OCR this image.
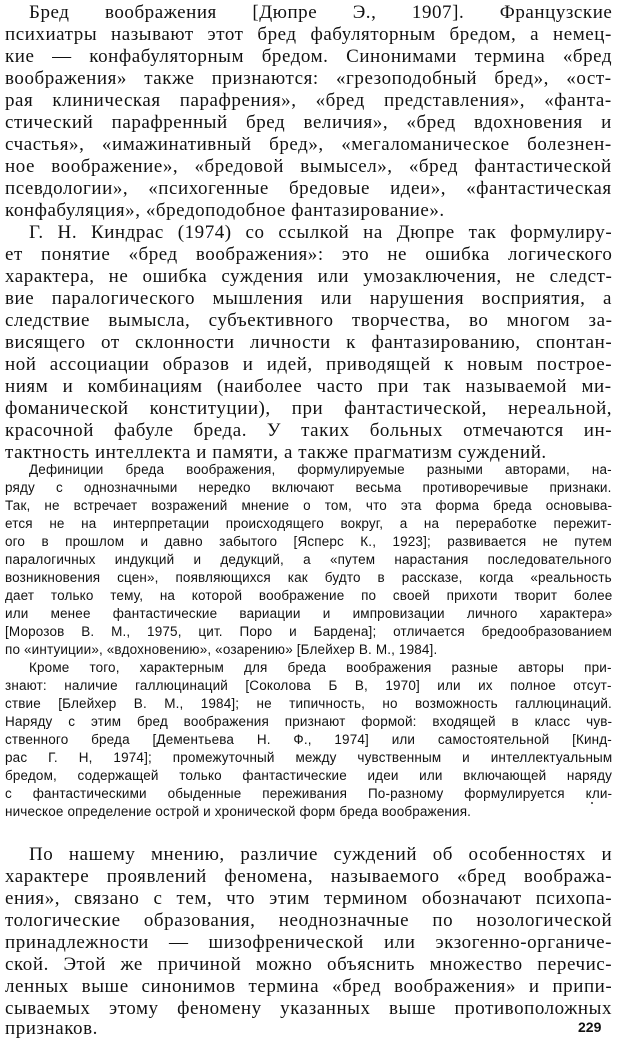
Бред воображения [Дюпре Э., 1907]. Французские
психиатры называют этот бред фабуляторным бредом, а немец-
кие — конфабуляторным бредом. Синонимами термина «бред
воображения» также признаются: «грезоподобный бред», «ост-
рая клиническая парафрения», «бред представления», «фанта-
стический парафренный бред величия», «бред вдохновения и
счастья», «имажинативный бред», «мегаломаническое болезнен-
ное воображение», «бредовой вымысел», «бред фантастической
псевдологии», «психогенные бредовые идеи», «фантастическая
конфабуляция», «бредоподобное фантазирование».
Г. Н. Киндрас (1974) со ссылкой на Дюпре так формулиру-
ет понятие «бред воображения»: это не ошибка логического
характера, не ошибка суждения или умозаключения, не следст-
вие паралогического мышления или нарушения восприятия, а
следствие вымысла, субъективного творчества, во многом за-
висящего от склонности личности к фантазированию, спонтан-
ной ассоциации образов и идей, приводящей к новым построе-
ниям и комбинациям (наиболее часто при так называемой ми-
фоманической конституции), при фантастической, нереальной,
красочной фабуле бреда. У таких больных отмечаются ин-
тактность интеллекта и памяти, а также прагматизм суждений.
Дефиниции бреда воображения, формулируемые разными авторами, на-
ряду с однозначными нередко включают весьма противоречивые признаки.
Так, не встречает возражений мнение о том, что эта форма бреда основыва-
ется не на интерпретации происходящего вокруг, а на переработке пережит-
ого в прошлом и давно забытого [Ясперс К., 1923]; развивается не путем
паралогичных индукций и дедукций, а «путем нарастания последовательного
возникновения сцен», появляющихся как будто в рассказе, когда «реальность
дает только тему, на которой воображение по своей прихоти творит более
или менее фантастические вариации и импровизации личного характера»
[Морозов В. М., 1975, цит. Поро и Бардена]; отличается бредообразованием
по «интуиции», «вдохновению», «озарению» [Блейхер В. М., 1984].
Кроме того, характерным для бреда воображения разные авторы при-
знают: наличие галлюцинаций [Соколова Б В, 1970] или их полное отсут-
ствие [Блейхер В. М., 1984]; не типичность, но возможность галлюцинаций.
Наряду с этим бред воображения признают формой: входящей в класс чув-
ственного бреда [Дементьева Н. Ф., 1974] или самостоятельной [Кинд-
рас Г. Н, 1974]; промежуточный между чувственным и интеллектуальным
бредом, содержащей только фантастические идеи или включающей наряду
с фантастическими обыденные переживания По-разному формулируется кли-
ническое определение острой и хронической форм бреда воображения.
По нашему мнению, различие суждений об особенностях и
характере проявлений феномена, называемого «бред вообража-
ения», связано с тем, что этим термином обозначают психопа-
тологические образования, неоднозначные по нозологической
принадлежности — шизофренической или экзогенно-органиче-
ской. Этой же причиной можно объяснить множество перечис-
ленных выше синонимов термина «бред воображения» и припи-
сываемых этому феномену указанных выше противоположных
признаков.	229
